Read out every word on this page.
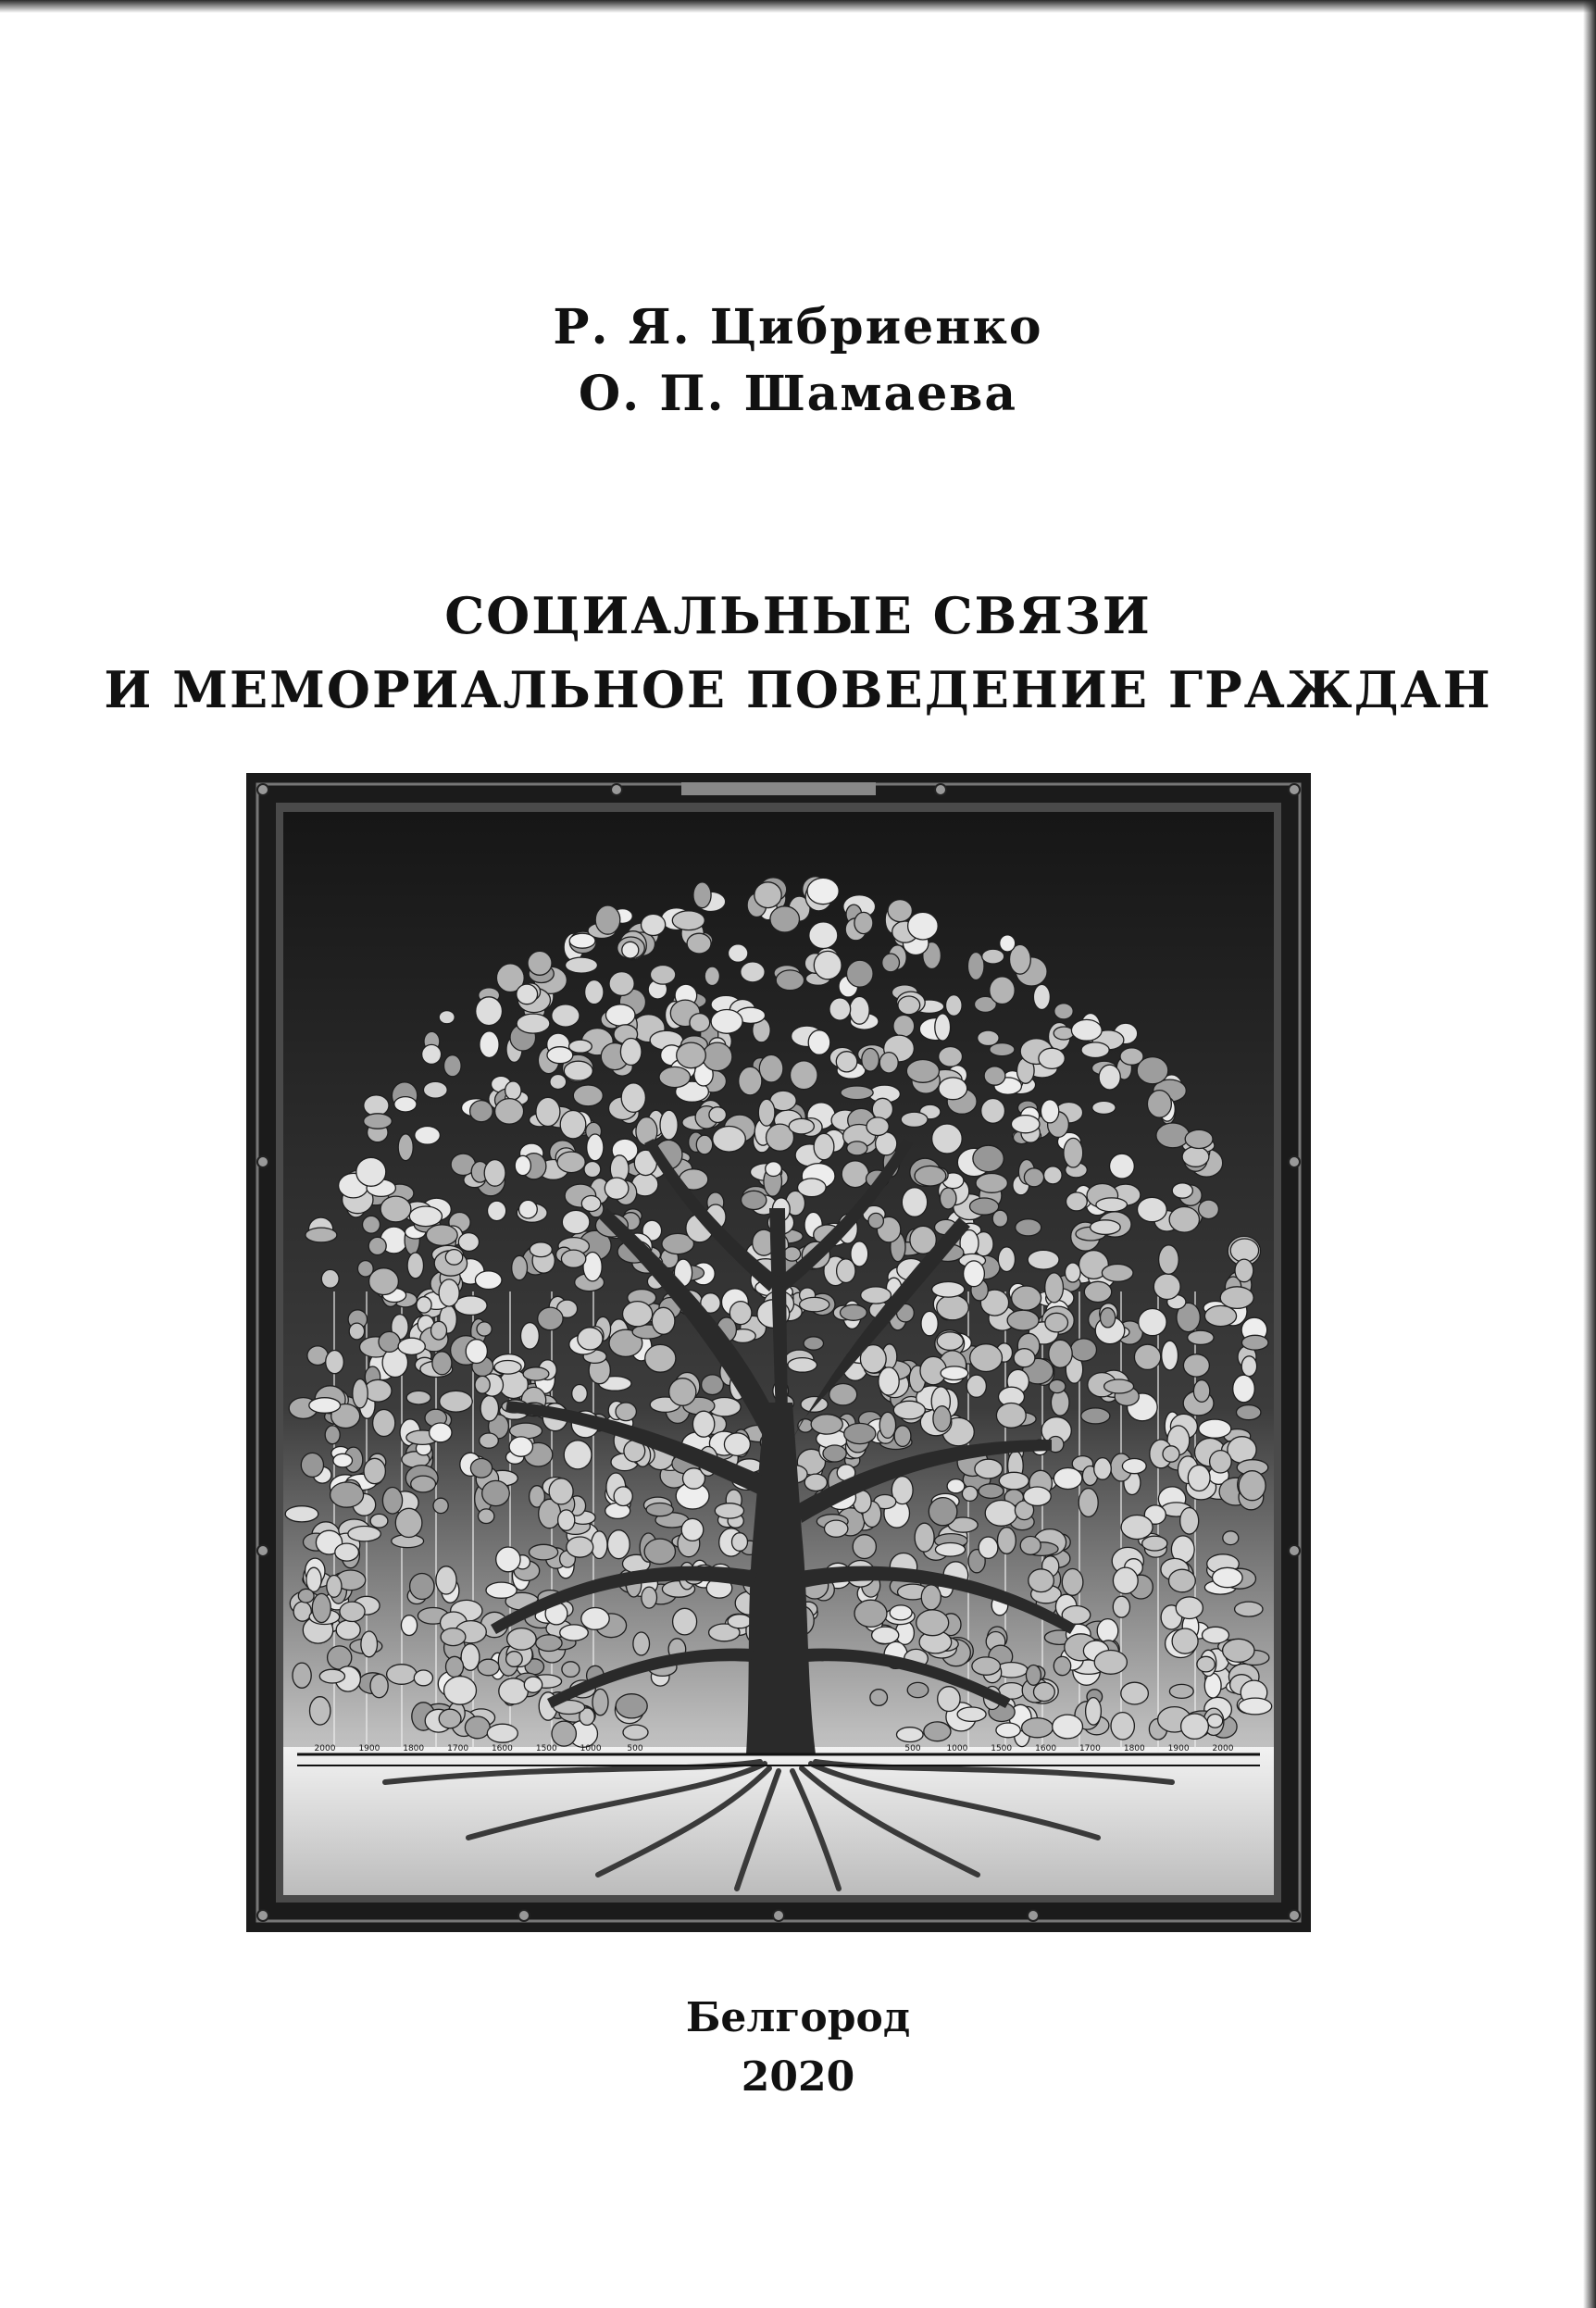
Р. Я. Цибриенко
О. П. Шамаева
СОЦИАЛЬНЫЕ СВЯЗИ
И МЕМОРИАЛЬНОЕ ПОВЕДЕНИЕ ГРАЖДАН
2000	1900	1800	1700	1600	1500	1000	500	500	1000	1500	1600	1700	1800	1900	2000
Белгород
2020
